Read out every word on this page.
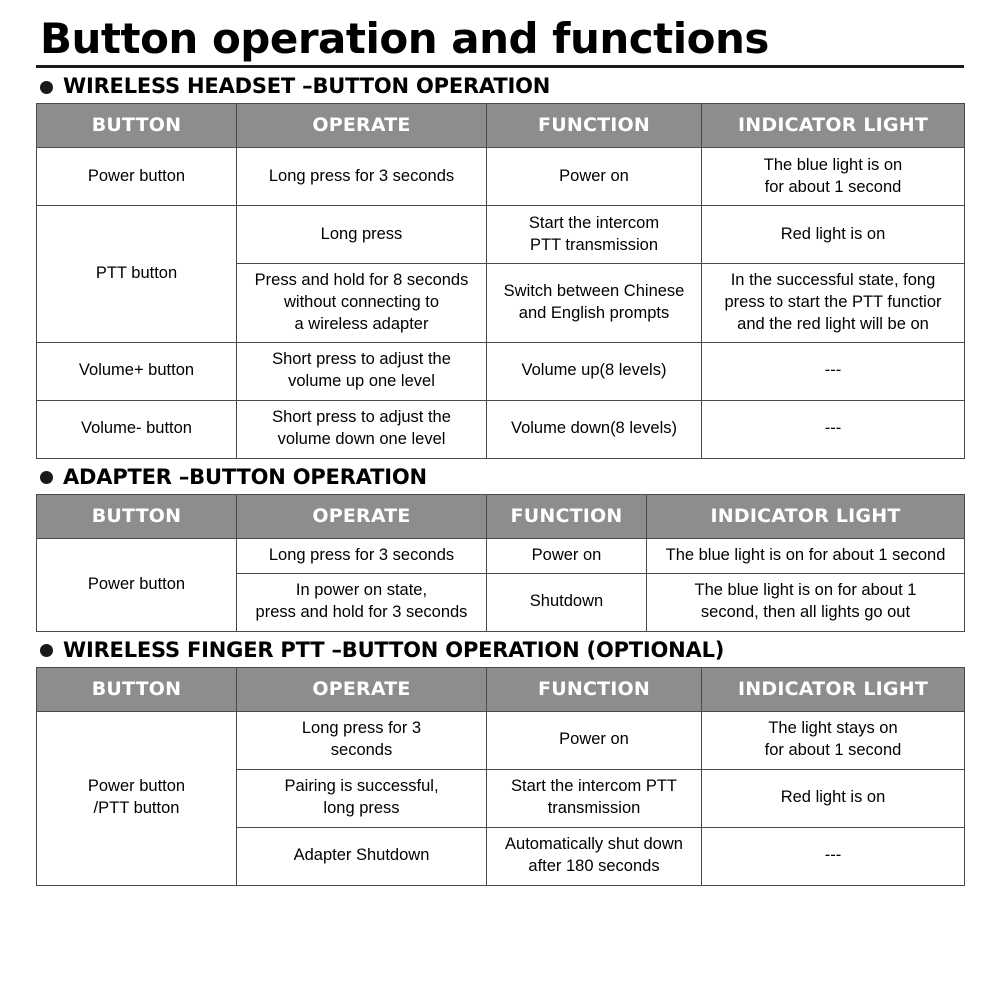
Button operation and functions
WIRELESS HEADSET –BUTTON OPERATION
BUTTON	OPERATE	FUNCTION	INDICATOR LIGHT
Power button	Long press for 3 seconds	Power on	The blue light is on
for about 1 second
PTT button	Long press	Start the intercom
PTT transmission	Red light is on
	Press and hold for 8 seconds
without connecting to
a wireless adapter	Switch between Chinese
and English prompts	In the successful state, fong
press to start the PTT functior
and the red light will be on
Volume+ button	Short press to adjust the
volume up one level	Volume up(8 levels)	---
Volume- button	Short press to adjust the
volume down one level	Volume down(8 levels)	---
ADAPTER –BUTTON OPERATION
BUTTON	OPERATE	FUNCTION	INDICATOR LIGHT
Power button	Long press for 3 seconds	Power on	The blue light is on for about 1 second
	In power on state,
press and hold for 3 seconds	Shutdown	The blue light is on for about 1
second, then all lights go out
WIRELESS FINGER PTT –BUTTON OPERATION (OPTIONAL)
BUTTON	OPERATE	FUNCTION	INDICATOR LIGHT
Power button
/PTT button	Long press for 3
seconds	Power on	The light stays on
for about 1 second
	Pairing is successful,
long press	Start the intercom PTT
transmission	Red light is on
	Adapter Shutdown	Automatically shut down
after 180 seconds	---
